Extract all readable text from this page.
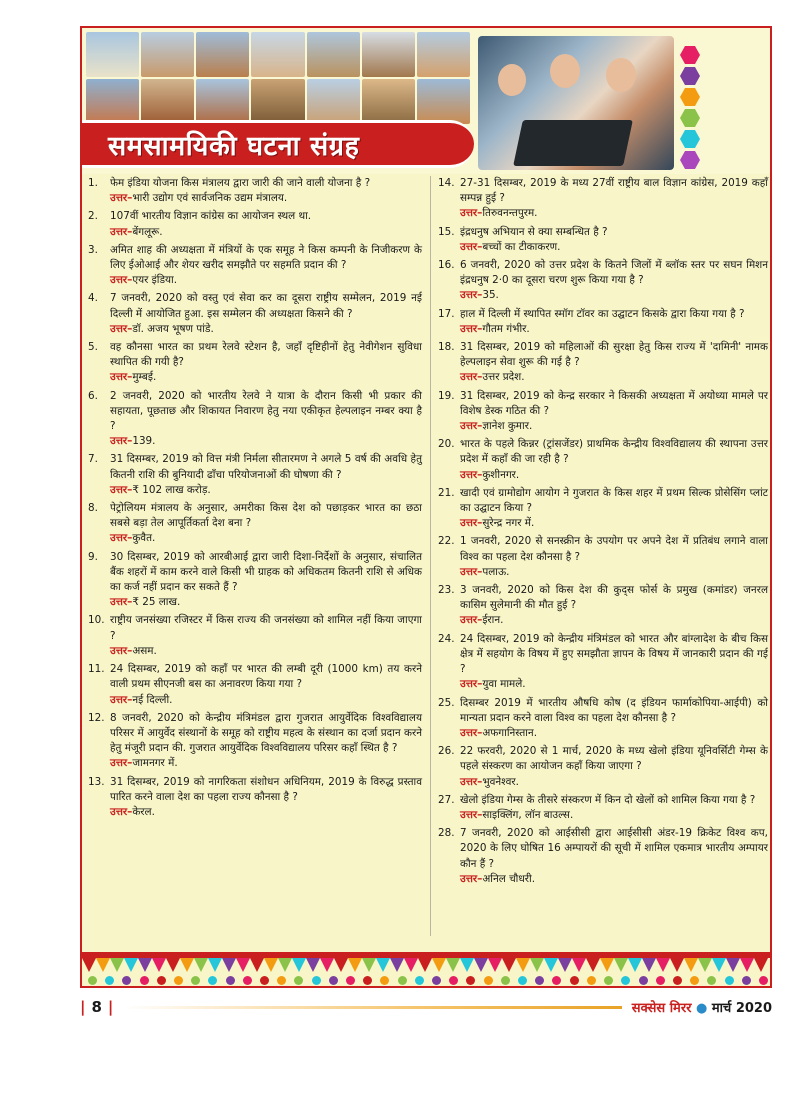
समसामयिकी घटना संग्रह
1.	फेम इंडिया योजना किस मंत्रालय द्वारा जारी की जाने वाली योजना है ?
उत्तर–भारी उद्योग एवं सार्वजनिक उद्यम मंत्रालय.
2.	107वीं भारतीय विज्ञान कांग्रेस का आयोजन स्थल था.
उत्तर–बेंगलूरू.
3.	अमित शाह की अध्यक्षता में मंत्रियों के एक समूह ने किस कम्पनी के निजीकरण के लिए ईओआई और शेयर खरीद समझौते पर सहमति प्रदान की ?
उत्तर–एयर इंडिया.
4.	7 जनवरी, 2020 को वस्तु एवं सेवा कर का दूसरा राष्ट्रीय सम्मेलन, 2019 नई दिल्ली में आयोजित हुआ. इस सम्मेलन की अध्यक्षता किसने की ?
उत्तर–डॉ. अजय भूषण पांडे.
5.	वह कौनसा भारत का प्रथम रेलवे स्टेशन है, जहाँ दृष्टिहीनों हेतु नेवीगेशन सुविधा स्थापित की गयी है?
उत्तर–मुम्बई.
6.	2 जनवरी, 2020 को भारतीय रेलवे ने यात्रा के दौरान किसी भी प्रकार की सहायता, पूछताछ और शिकायत निवारण हेतु नया एकीकृत हेल्पलाइन नम्बर क्या है ?
उत्तर–139.
7.	31 दिसम्बर, 2019 को वित्त मंत्री निर्मला सीतारमण ने अगले 5 वर्ष की अवधि हेतु कितनी राशि की बुनियादी ढाँचा परियोजनाओं की घोषणा की ?
उत्तर–₹ 102 लाख करोड़.
8.	पेट्रोलियम मंत्रालय के अनुसार, अमरीका किस देश को पछाड़कर भारत का छठा सबसे बड़ा तेल आपूर्तिकर्ता देश बना ?
उत्तर–कुवैत.
9.	30 दिसम्बर, 2019 को आरबीआई द्वारा जारी दिशा-निर्देशों के अनुसार, संचालित बैंक शहरों में काम करने वाले किसी भी ग्राहक को अधिकतम कितनी राशि से अधिक का कर्ज नहीं प्रदान कर सकते हैं ?
उत्तर–₹ 25 लाख.
10. राष्ट्रीय जनसंख्या रजिस्टर में किस राज्य की जनसंख्या को शामिल नहीं किया जाएगा ?
उत्तर–असम.
11. 24 दिसम्बर, 2019 को कहाँ पर भारत की लम्बी दूरी (1000 km) तय करने वाली प्रथम सीएनजी बस का अनावरण किया गया ?
उत्तर–नई दिल्ली.
12. 8 जनवरी, 2020 को केन्द्रीय मंत्रिमंडल द्वारा गुजरात आयुर्वेदिक विश्वविद्यालय परिसर में आयुर्वेद संस्थानों के समूह को राष्ट्रीय महत्व के संस्थान का दर्जा प्रदान करने हेतु मंजूरी प्रदान की. गुजरात आयुर्वेदिक विश्वविद्यालय परिसर कहाँ स्थित है ?
उत्तर–जामनगर में.
13. 31 दिसम्बर, 2019 को नागरिकता संशोधन अधिनियम, 2019 के विरुद्ध प्रस्ताव पारित करने वाला देश का पहला राज्य कौनसा है ?
उत्तर–केरल.
14. 27-31 दिसम्बर, 2019 के मध्य 27वीं राष्ट्रीय बाल विज्ञान कांग्रेस, 2019 कहाँ सम्पन्न हुई ?
उत्तर–तिरुवनन्तपुरम.
15. इंद्रधनुष अभियान से क्या सम्बन्धित है ?
उत्तर–बच्चों का टीकाकरण.
16. 6 जनवरी, 2020 को उत्तर प्रदेश के कितने जिलों में ब्लॉक स्तर पर सघन मिशन इंद्रधनुष 2·0 का दूसरा चरण शुरू किया गया है ?
उत्तर–35.
17. हाल में दिल्ली में स्थापित स्मॉग टॉवर का उद्घाटन किसके द्वारा किया गया है ?
उत्तर–गौतम गंभीर.
18. 31 दिसम्बर, 2019 को महिलाओं की सुरक्षा हेतु किस राज्य में 'दामिनी' नामक हेल्पलाइन सेवा शुरू की गई है ?
उत्तर–उत्तर प्रदेश.
19. 31 दिसम्बर, 2019 को केन्द्र सरकार ने किसकी अध्यक्षता में अयोध्या मामले पर विशेष डेस्क गठित की ?
उत्तर–ज्ञानेश कुमार.
20. भारत के पहले किन्नर (ट्रांसजेंडर) प्राथमिक केन्द्रीय विश्वविद्यालय की स्थापना उत्तर प्रदेश में कहाँ की जा रही है ?
उत्तर–कुशीनगर.
21. खादी एवं ग्रामोद्योग आयोग ने गुजरात के किस शहर में प्रथम सिल्क प्रोसेसिंग प्लांट का उद्घाटन किया ?
उत्तर–सुरेन्द्र नगर में.
22. 1 जनवरी, 2020 से सनस्क्रीन के उपयोग पर अपने देश में प्रतिबंध लगाने वाला विश्व का पहला देश कौनसा है ?
उत्तर–पलाऊ.
23. 3 जनवरी, 2020 को किस देश की कुद्स फोर्स के प्रमुख (कमांडर) जनरल कासिम सुलेमानी की मौत हुई ?
उत्तर–ईरान.
24. 24 दिसम्बर, 2019 को केन्द्रीय मंत्रिमंडल को भारत और बांग्लादेश के बीच किस क्षेत्र में सहयोग के विषय में हुए समझौता ज्ञापन के विषय में जानकारी प्रदान की गई ?
उत्तर–युवा मामले.
25. दिसम्बर 2019 में भारतीय औषधि कोष (द इंडियन फार्माकोपिया-आईपी) को मान्यता प्रदान करने वाला विश्व का पहला देश कौनसा है ?
उत्तर–अफगानिस्तान.
26. 22 फरवरी, 2020 से 1 मार्च, 2020 के मध्य खेलो इंडिया यूनिवर्सिटी गेम्स के पहले संस्करण का आयोजन कहाँ किया जाएगा ?
उत्तर–भुवनेश्वर.
27. खेलो इंडिया गेम्स के तीसरे संस्करण में किन दो खेलों को शामिल किया गया है ?
उत्तर–साइक्लिंग, लॉन बाउल्स.
28. 7 जनवरी, 2020 को आईसीसी द्वारा आईसीसी अंडर-19 क्रिकेट विश्व कप, 2020 के लिए घोषित 16 अम्पायरों की सूची में शामिल एकमात्र भारतीय अम्पायर कौन हैं ?
उत्तर–अनिल चौधरी.
| 8 |	सक्सेस मिरर ● मार्च 2020
